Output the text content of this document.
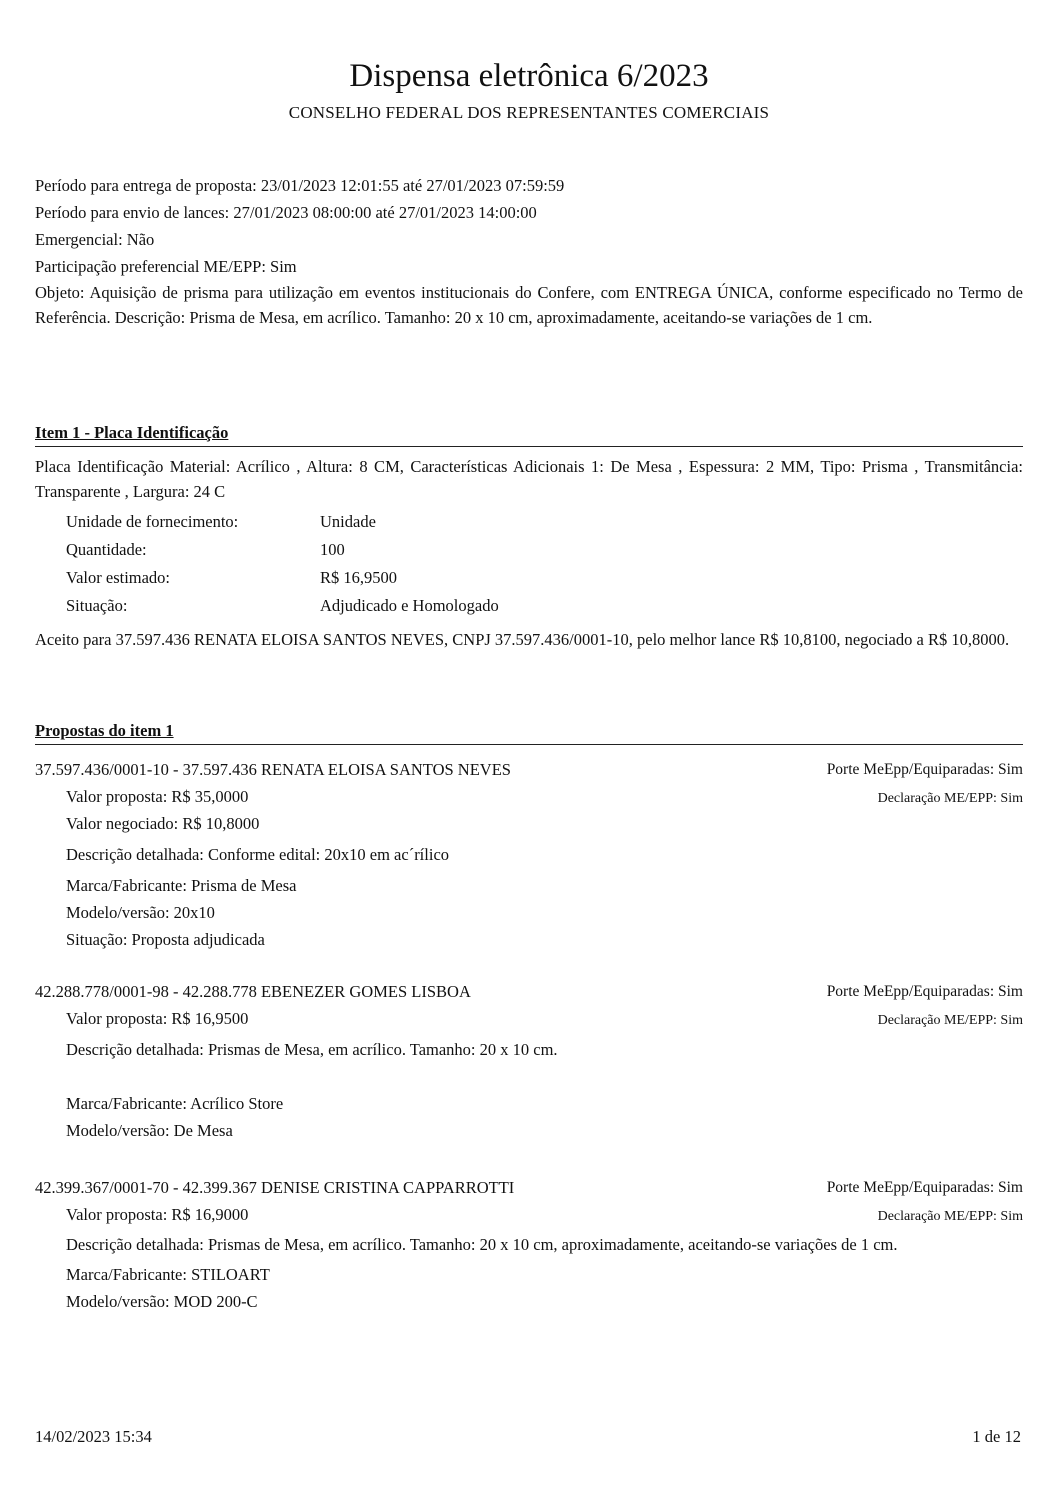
Dispensa eletrônica 6/2023
CONSELHO FEDERAL DOS REPRESENTANTES COMERCIAIS
Período para entrega de proposta: 23/01/2023 12:01:55 até 27/01/2023 07:59:59
Período para envio de lances: 27/01/2023 08:00:00 até 27/01/2023 14:00:00
Emergencial: Não
Participação preferencial ME/EPP: Sim
Objeto: Aquisição de prisma para utilização em eventos institucionais do Confere, com ENTREGA ÚNICA, conforme especificado no Termo de Referência. Descrição: Prisma de Mesa, em acrílico. Tamanho: 20 x 10 cm, aproximadamente, aceitando-se variações de 1 cm.
Item 1 - Placa Identificação
Placa Identificação Material: Acrílico , Altura: 8 CM, Características Adicionais 1: De Mesa , Espessura: 2 MM, Tipo: Prisma , Transmitância: Transparente , Largura: 24 C
Unidade de fornecimento:	Unidade
Quantidade:	100
Valor estimado:	R$ 16,9500
Situação:	Adjudicado e Homologado
Aceito para 37.597.436 RENATA ELOISA SANTOS NEVES, CNPJ 37.597.436/0001-10, pelo melhor lance R$ 10,8100, negociado a R$ 10,8000.
Propostas do item 1
37.597.436/0001-10 - 37.597.436 RENATA ELOISA SANTOS NEVES	Porte MeEpp/Equiparadas: Sim
Declaração ME/EPP: Sim
Valor proposta: R$ 35,0000
Valor negociado: R$ 10,8000
Descrição detalhada: Conforme edital: 20x10 em ac´rílico
Marca/Fabricante: Prisma de Mesa
Modelo/versão: 20x10
Situação: Proposta adjudicada
42.288.778/0001-98 - 42.288.778 EBENEZER GOMES LISBOA	Porte MeEpp/Equiparadas: Sim
Declaração ME/EPP: Sim
Valor proposta: R$ 16,9500
Descrição detalhada: Prismas de Mesa, em acrílico. Tamanho: 20 x 10 cm.
Marca/Fabricante: Acrílico Store
Modelo/versão: De Mesa
42.399.367/0001-70 - 42.399.367 DENISE CRISTINA CAPPARROTTI	Porte MeEpp/Equiparadas: Sim
Declaração ME/EPP: Sim
Valor proposta: R$ 16,9000
Descrição detalhada: Prismas de Mesa, em acrílico. Tamanho: 20 x 10 cm, aproximadamente, aceitando-se variações de 1 cm.
Marca/Fabricante: STILOART
Modelo/versão: MOD 200-C
14/02/2023 15:34	1 de 12
